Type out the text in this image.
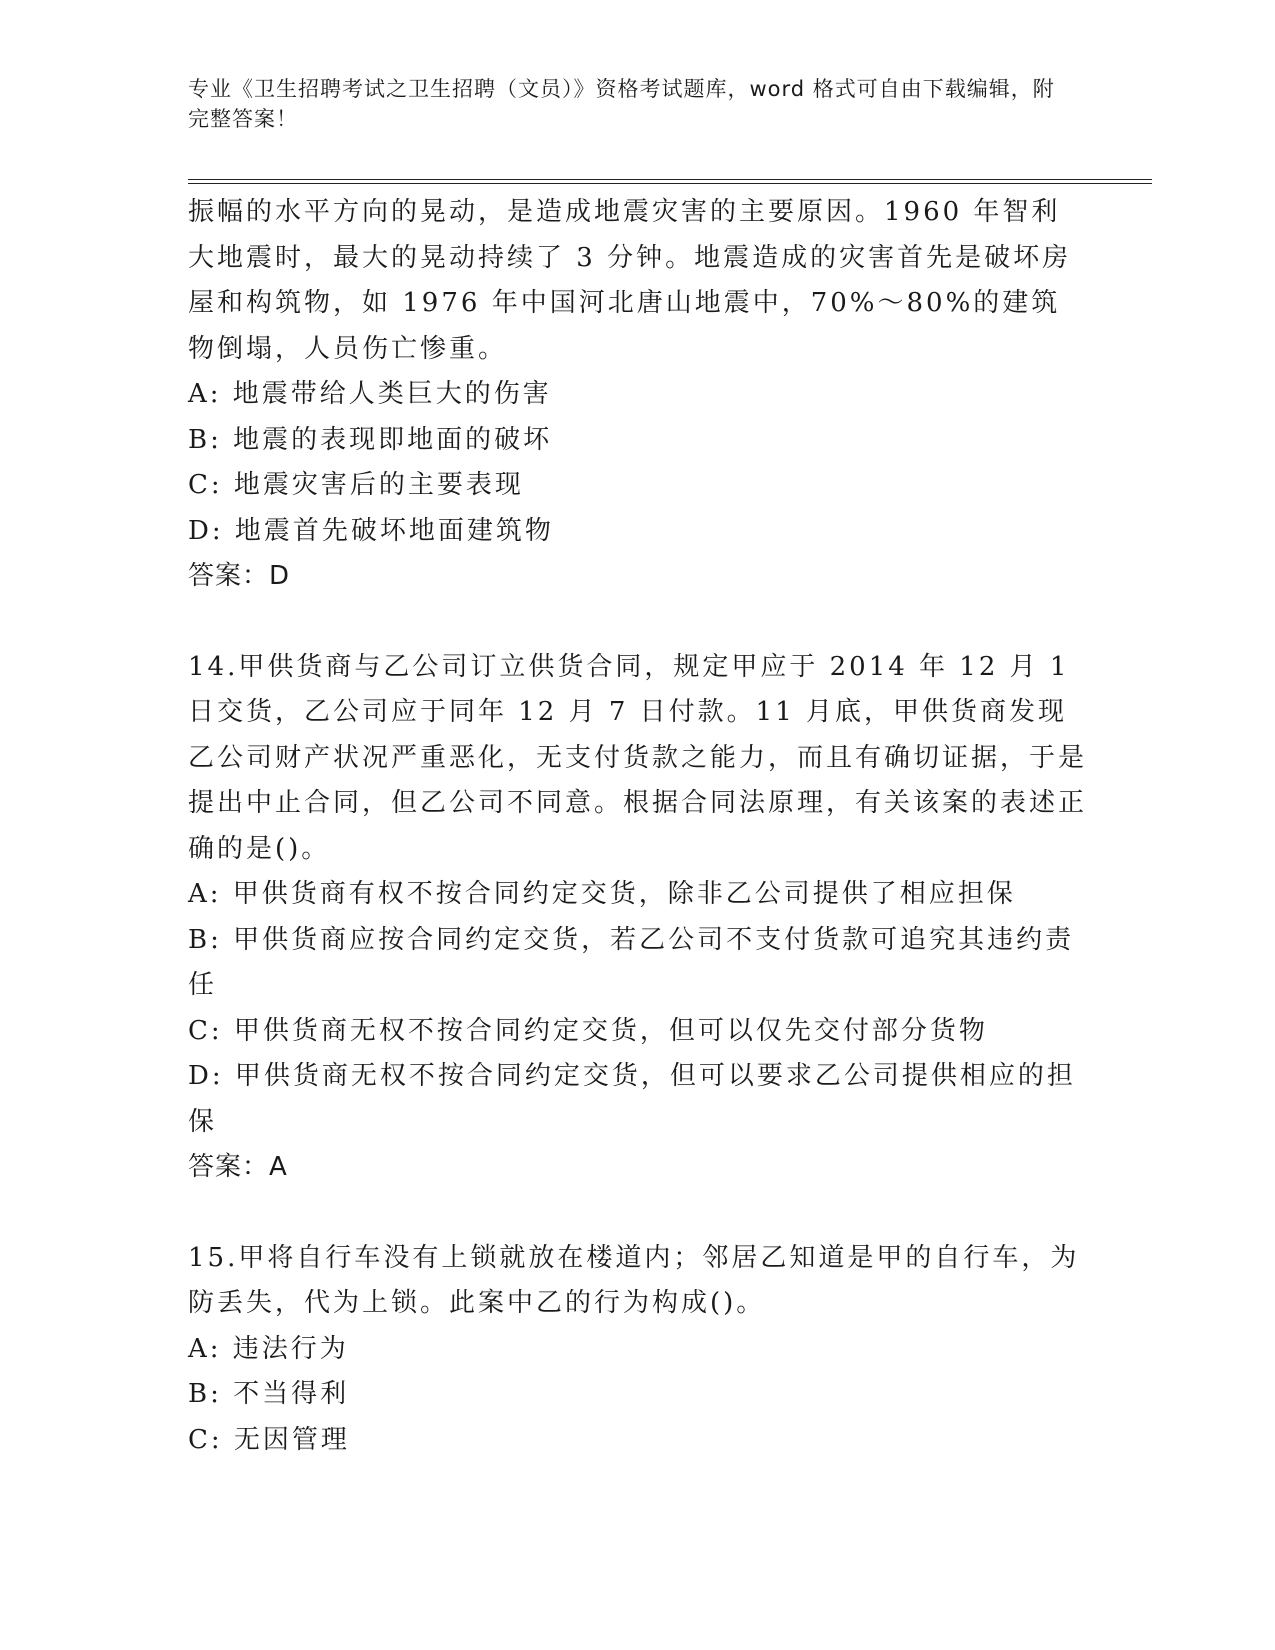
专业《卫生招聘考试之卫生招聘（文员）》资格考试题库，word 格式可自由下载编辑，附完整答案！

振幅的水平方向的晃动，是造成地震灾害的主要原因。1960 年智利大地震时，最大的晃动持续了 3 分钟。地震造成的灾害首先是破坏房屋和构筑物，如 1976 年中国河北唐山地震中，70%～80%的建筑物倒塌，人员伤亡惨重。

A: 地震带给人类巨大的伤害

B: 地震的表现即地面的破坏

C: 地震灾害后的主要表现

D: 地震首先破坏地面建筑物

答案：D

14.甲供货商与乙公司订立供货合同，规定甲应于 2014 年 12 月 1 日交货，乙公司应于同年 12 月 7 日付款。11 月底，甲供货商发现乙公司财产状况严重恶化，无支付货款之能力，而且有确切证据，于是提出中止合同，但乙公司不同意。根据合同法原理，有关该案的表述正确的是()。

A: 甲供货商有权不按合同约定交货，除非乙公司提供了相应担保

B: 甲供货商应按合同约定交货，若乙公司不支付货款可追究其违约责任

C: 甲供货商无权不按合同约定交货，但可以仅先交付部分货物

D: 甲供货商无权不按合同约定交货，但可以要求乙公司提供相应的担保

答案：A

15.甲将自行车没有上锁就放在楼道内；邻居乙知道是甲的自行车，为防丢失，代为上锁。此案中乙的行为构成()。

A: 违法行为

B: 不当得利

C: 无因管理
